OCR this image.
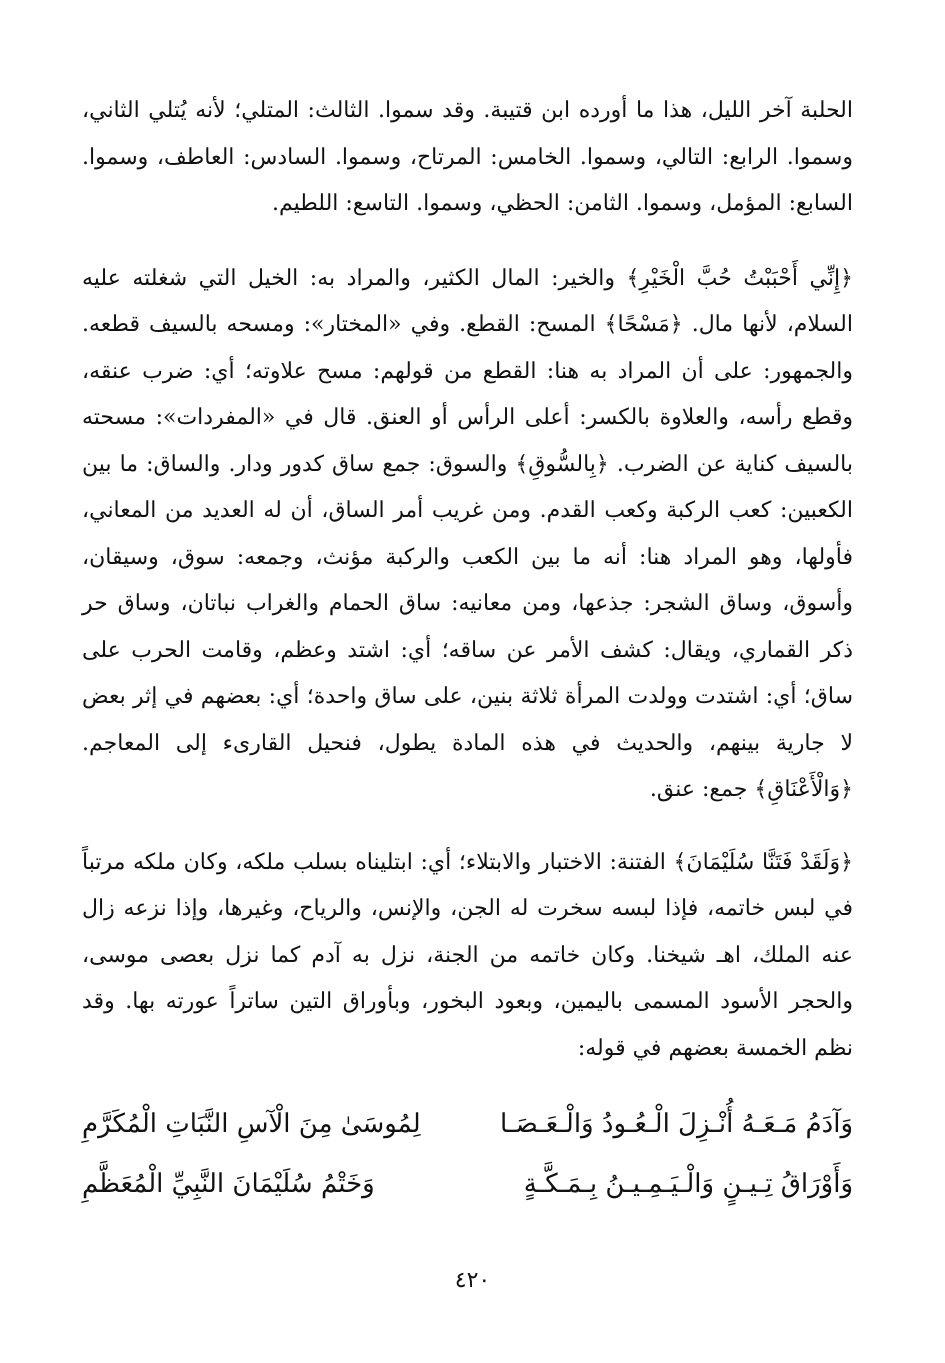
الحلبة آخر الليل، هذا ما أورده ابن قتيبة. وقد سموا. الثالث: المتلي؛ لأنه يُتلي الثاني، وسموا. الرابع: التالي، وسموا. الخامس: المرتاح، وسموا. السادس: العاطف، وسموا. السابع: المؤمل، وسموا. الثامن: الحظي، وسموا. التاسع: اللطيم.

﴿إِنِّي أَحْبَبْتُ حُبَّ الْخَيْرِ﴾ والخير: المال الكثير، والمراد به: الخيل التي شغلته عليه السلام، لأنها مال. ﴿مَسْحًا﴾ المسح: القطع. وفي «المختار»: ومسحه بالسيف قطعه. والجمهور: على أن المراد به هنا: القطع من قولهم: مسح علاوته؛ أي: ضرب عنقه، وقطع رأسه، والعلاوة بالكسر: أعلى الرأس أو العنق. قال في «المفردات»: مسحته بالسيف كناية عن الضرب. ﴿بِالسُّوقِ﴾ والسوق: جمع ساق كدور ودار. والساق: ما بين الكعبين: كعب الركبة وكعب القدم. ومن غريب أمر الساق، أن له العديد من المعاني، فأولها، وهو المراد هنا: أنه ما بين الكعب والركبة مؤنث، وجمعه: سوق، وسيقان، وأسوق، وساق الشجر: جذعها، ومن معانيه: ساق الحمام والغراب نباتان، وساق حر ذكر القماري، ويقال: كشف الأمر عن ساقه؛ أي: اشتد وعظم، وقامت الحرب على ساق؛ أي: اشتدت وولدت المرأة ثلاثة بنين، على ساق واحدة؛ أي: بعضهم في إثر بعض لا جارية بينهم، والحديث في هذه المادة يطول، فنحيل القارىء إلى المعاجم. ﴿وَالْأَعْنَاقِ﴾ جمع: عنق.

﴿وَلَقَدْ فَتَنَّا سُلَيْمَانَ﴾ الفتنة: الاختبار والابتلاء؛ أي: ابتليناه بسلب ملكه، وكان ملكه مرتباً في لبس خاتمه، فإذا لبسه سخرت له الجن، والإنس، والرياح، وغيرها، وإذا نزعه زال عنه الملك، اهـ شيخنا. وكان خاتمه من الجنة، نزل به آدم كما نزل بعصى موسى، والحجر الأسود المسمى باليمين، وبعود البخور، وبأوراق التين ساتراً عورته بها. وقد نظم الخمسة بعضهم في قوله:

وَآدَمُ مَـعَـهُ أُنْـزِلَ الْـعُـودُ وَالْـعَـصَـا
لِمُوسَىٰ مِنَ الْآسِ النَّبَاتِ الْمُكَرَّمِ
وَأَوْرَاقُ تِـيـنٍ وَالْـيَـمِـيـنُ بِـمَـكَّـةٍ
وَخَتْمُ سُلَيْمَانَ النَّبِيِّ الْمُعَظَّمِ
٤٢٠
